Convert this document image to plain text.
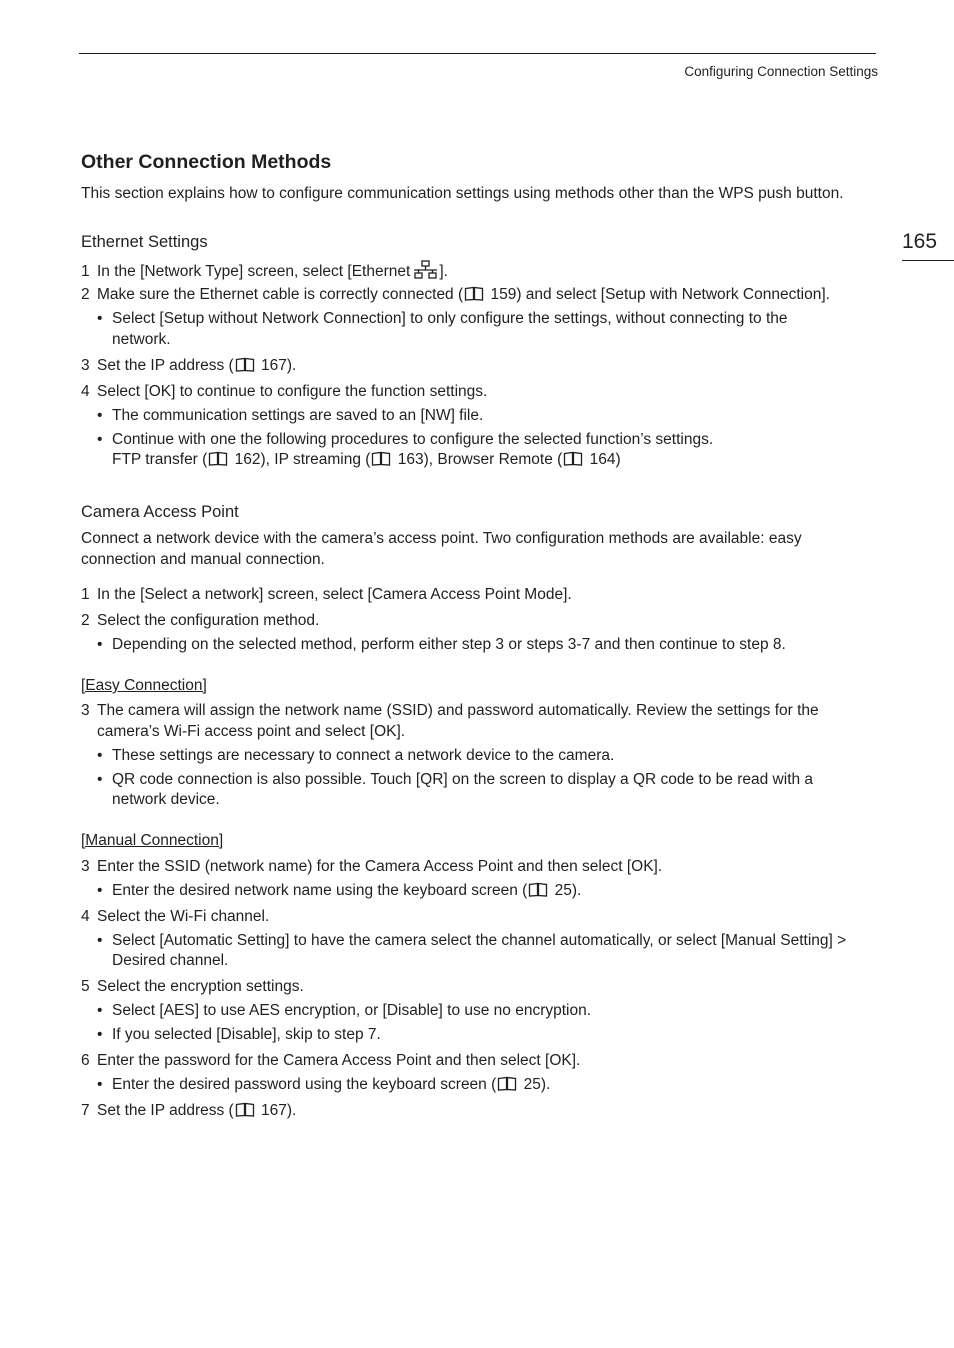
Configuring Connection Settings
165
Other Connection Methods
This section explains how to configure communication settings using methods other than the WPS push button.
Ethernet Settings
1 In the [Network Type] screen, select [Ethernet ].
2 Make sure the Ethernet cable is correctly connected (
159) and select [Setup with Network Connection].
• Select [Setup without Network Connection] to only configure the settings, without connecting to the
network.
3 Set the IP address (
167).
4 Select [OK] to continue to configure the function settings.
• The communication settings are saved to an [NW] file.
• Continue with one the following procedures to configure the selected function’s settings.
FTP transfer (
162), IP streaming (
163), Browser Remote (
164)
Camera Access Point
Connect a network device with the camera’s access point. Two configuration methods are available: easy
connection and manual connection.
1 In the [Select a network] screen, select [Camera Access Point Mode].
2 Select the configuration method.
• Depending on the selected method, perform either step 3 or steps 3-7 and then continue to step 8.
[Easy Connection]
3 The camera will assign the network name (SSID) and password automatically. Review the settings for the
camera’s Wi-Fi access point and select [OK].
• These settings are necessary to connect a network device to the camera.
• QR code connection is also possible. Touch [QR] on the screen to display a QR code to be read with a
network device.
[Manual Connection]
3 Enter the SSID (network name) for the Camera Access Point and then select [OK].
• Enter the desired network name using the keyboard screen (
25).
4 Select the Wi-Fi channel.
• Select [Automatic Setting] to have the camera select the channel automatically, or select [Manual Setting] >
Desired channel.
5 Select the encryption settings.
• Select [AES] to use AES encryption, or [Disable] to use no encryption.
• If you selected [Disable], skip to step 7.
6 Enter the password for the Camera Access Point and then select [OK].
• Enter the desired password using the keyboard screen (
25).
7 Set the IP address (
167).
